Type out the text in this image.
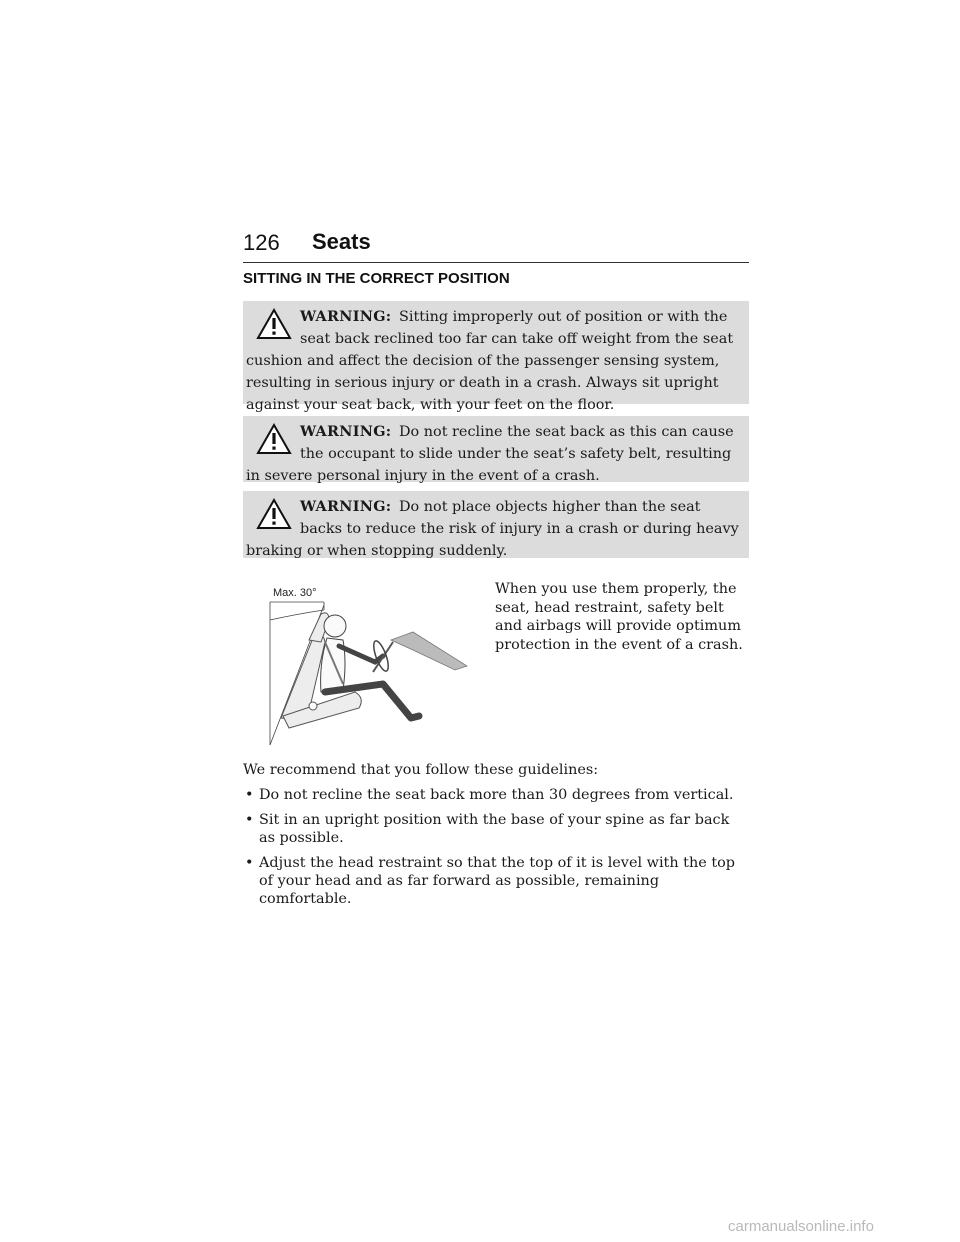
126 Seats
SITTING IN THE CORRECT POSITION
WARNING: Sitting improperly out of position or with the seat back reclined too far can take off weight from the seat cushion and affect the decision of the passenger sensing system, resulting in serious injury or death in a crash. Always sit upright against your seat back, with your feet on the floor.
WARNING: Do not recline the seat back as this can cause the occupant to slide under the seat’s safety belt, resulting in severe personal injury in the event of a crash.
WARNING: Do not place objects higher than the seat backs to reduce the risk of injury in a crash or during heavy braking or when stopping suddenly.
Max. 30°	When you use them properly, the seat, head restraint, safety belt and airbags will provide optimum protection in the event of a crash.
We recommend that you follow these guidelines:
• Do not recline the seat back more than 30 degrees from vertical.
• Sit in an upright position with the base of your spine as far back as possible.
• Adjust the head restraint so that the top of it is level with the top of your head and as far forward as possible, remaining comfortable.
carmanualsonline.info
